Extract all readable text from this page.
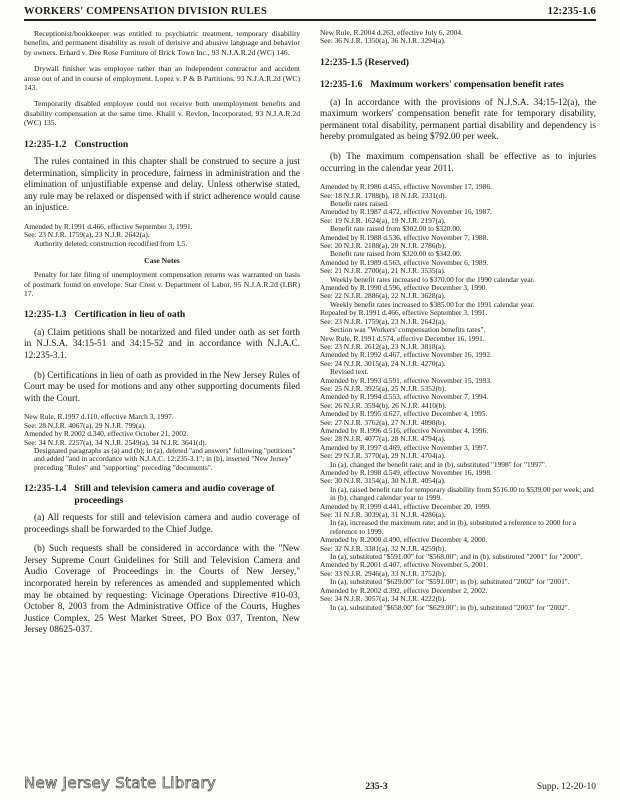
WORKERS' COMPENSATION DIVISION RULES	12:235-1.6

Receptionist/bookkeeper was entitled to psychiatric treatment, temporary disability benefits, and permanent disability as result of derisive and abusive language and behavior by owners. Erhard v. Dee Rose Furniture of Brick Town Inc., 93 N.J.A.R.2d (WC) 146.

Drywall finisher was employee rather than an independent contractor and accident arose out of and in course of employment. Lopez v. P & B Partitions, 93 N.J.A.R.2d (WC) 143.

Temporarily disabled employee could not receive both unemployment benefits and disability compensation at the same time. Khalil v. Revlon, Incorporated, 93 N.J.A.R.2d (WC) 135.

12:235-1.2 Construction

The rules contained in this chapter shall be construed to secure a just determination, simplicity in procedure, fairness in administration and the elimination of unjustifiable expense and delay. Unless otherwise stated, any rule may be relaxed or dispensed with if strict adherence would cause an injustice.

Amended by R.1991 d.466, effective September 3, 1991.
See: 23 N.J.R. 1759(a), 23 N.J.R. 2642(a).
Authority deleted; construction recodified from 1.5.
Case Notes

Penalty for late filing of unemployment compensation returns was warranted on basis of postmark found on envelope. Star Crest v. Department of Labor, 95 N.J.A.R.2d (LBR) 17.

12:235-1.3 Certification in lieu of oath

(a) Claim petitions shall be notarized and filed under oath as set forth in N.J.S.A. 34:15-51 and 34:15-52 and in accordance with N.J.A.C. 12:235-3.1.

(b) Certifications in lieu of oath as provided in the New Jersey Rules of Court may be used for motions and any other supporting documents filed with the Court.

New Rule, R.1997 d.110, effective March 3, 1997.
See: 28 N.J.R. 4067(a), 29 N.J.R. 799(a).
Amended by R.2002 d.340, effective October 21, 2002.
See: 34 N.J.R. 2257(a), 34 N.J.R. 2549(a), 34 N.J.R. 3641(d).
Designated paragraphs as (a) and (b); in (a), deleted "and answers" following "petitions" and added "and in accordance with N.J.A.C. 12:235-3.1"; in (b), inserted "New Jersey" preceding "Rules" and "supporting" preceding "documents".
12:235-1.4 Still and television camera and audio coverage of proceedings

(a) All requests for still and television camera and audio coverage of proceedings shall be forwarded to the Chief Judge.

(b) Such requests shall be considered in accordance with the "New Jersey Supreme Court Guidelines for Still and Television Camera and Audio Coverage of Proceedings in the Courts of New Jersey," incorporated herein by references as amended and supplemented which may be obtained by requesting: Vicinage Operations Directive #10-03, October 8, 2003 from the Administrative Office of the Courts, Hughes Justice Complex, 25 West Market Street, PO Box 037, Trenton, New Jersey 08625-037.

New Rule, R.2004 d.263, effective July 6, 2004.
See: 36 N.J.R. 1350(a), 36 N.J.R. 3294(a).
12:235-1.5 (Reserved)
12:235-1.6 Maximum workers' compensation benefit rates

(a) In accordance with the provisions of N.J.S.A. 34:15-12(a), the maximum workers' compensation benefit rate for temporary disability, permanent total disability, permanent partial disability and dependency is hereby promulgated as being $792.00 per week.

(b) The maximum compensation shall be effective as to injuries occurring in the calendar year 2011.

Amended by R.1986 d.455, effective November 17, 1986.
See: 18 N.J.R. 1788(b), 18 N.J.R. 2331(d).
Benefit rates raised.
Amended by R.1987 d.472, effective November 16, 1987.
See: 19 N.J.R. 1624(a), 19 N.J.R. 2197(a).
Benefit rate raised from $302.00 to $320.00.
Amended by R.1988 d.536, effective November 7, 1988.
See: 20 N.J.R. 2188(a), 20 N.J.R. 2786(b).
Benefit rate raised from $320.00 to $342.00.
Amended by R.1989 d.563, effective November 6, 1989.
See: 21 N.J.R. 2700(a), 21 N.J.R. 3535(a).
Weekly benefit rates increased to $370.00 for the 1990 calendar year.
Amended by R.1990 d.596, effective December 3, 1990.
See: 22 N.J.R. 2886(a), 22 N.J.R. 3628(a).
Weekly benefit rates increased to $385.00 for the 1991 calendar year.
Repealed by R.1991 d.466, effective September 3, 1991.
See: 23 N.J.R. 1759(a), 23 N.J.R. 2642(a).
Section was "Workers' compensation benefits rates".
New Rule, R.1991 d.574, effective December 16, 1991.
See: 23 N.J.R. 2612(a), 23 N.J.R. 3818(a).
Amended by R.1992 d.467, effective November 16, 1992.
See: 24 N.J.R. 3015(a), 24 N.J.R. 4270(a).
Revised text.
Amended by R.1993 d.591, effective November 15, 1993.
See: 25 N.J.R. 3925(a), 25 N.J.R. 5352(b).
Amended by R.1994 d.553, effective November 7, 1994.
See: 26 N.J.R. 3594(b), 26 N.J.R. 4410(b).
Amended by R.1995 d.627, effective December 4, 1995.
See: 27 N.J.R. 3762(a), 27 N.J.R. 4898(b).
Amended by R.1996 d.516, effective November 4, 1996.
See: 28 N.J.R. 4077(a), 28 N.J.R. 4794(a).
Amended by R.1997 d.469, effective November 3, 1997.
See: 29 N.J.R. 3770(a), 29 N.J.R. 4704(a).
In (a), changed the benefit rate; and in (b), substituted "1998" for "1997".
Amended by R.1998 d.549, effective November 16, 1998.
See: 30 N.J.R. 3154(a), 30 N.J.R. 4054(a).
In (a), raised benefit rate for temporary disability from $516.00 to $539.00 per week; and in (b), changed calendar year to 1999.
Amended by R.1999 d.441, effective December 20, 1999.
See: 31 N.J.R. 3039(a), 31 N.J.R. 4286(a).
In (a), increased the maximum rate; and in (b), substituted a reference to 2000 for a reference to 1999.
Amended by R.2000 d.490, effective December 4, 2000.
See: 32 N.J.R. 3381(a), 32 N.J.R. 4259(b).
In (a), substituted "$591.00" for "$568.00"; and in (b), substituted "2001" for "2000".
Amended by R.2001 d.407, effective November 5, 2001.
See: 33 N.J.R. 2946(a), 33 N.J.R. 3752(b).
In (a), substituted "$629.00" for "$591.00"; in (b), substituted "2002" for "2001".
Amended by R.2002 d.392, effective December 2, 2002.
See: 34 N.J.R. 3057(a), 34 N.J.R. 4222(b).
In (a), substituted "$658.00" for "$629.00"; in (b), substituted "2003" for "2002".
New Jersey State Library	235-3	Supp. 12-20-10
